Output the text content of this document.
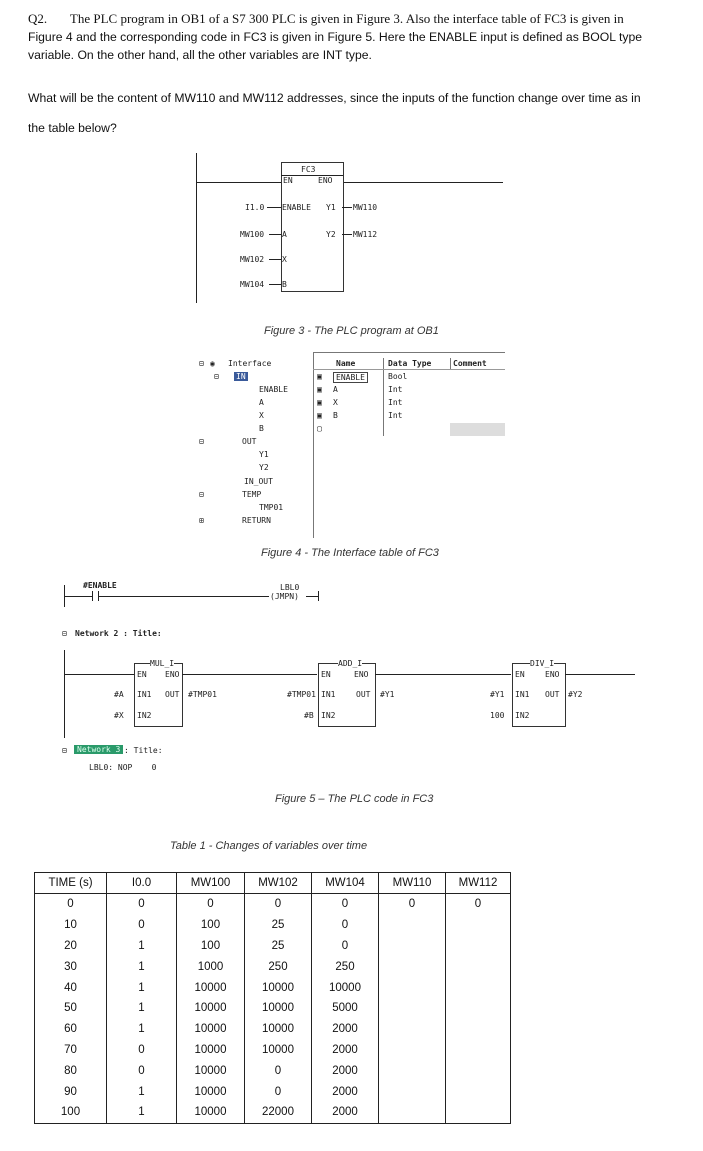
Q2. The PLC program in OB1 of a S7 300 PLC is given in Figure 3. Also the interface table of FC3 is given in

Figure 4 and the corresponding code in FC3 is given in Figure 5. Here the ENABLE input is defined as BOOL type

variable. On the other hand, all the other variables are INT type.

What will be the content of MW110 and MW112 addresses, since the inputs of the function change over time as in

the table below?

FC3
EN	ENO
I1.0 ENABLE
MW100 A
MW102 X
MW104 B
Y1 MW110
Y2 MW112
Figure 3 - The PLC program at OB1
Name	Data Type	Comment
▣	ENABLE	Bool
▣ A	Int
▣ X	Int
▣ B	Int
▢
⊟ ◉ Interface
⊟ IN
ENABLE
A
X
B
⊟	OUT
Y1
Y2
IN_OUT
⊟	TEMP
TMP01
⊞	RETURN
Figure 4 - The Interface table of FC3
#ENABLE	LBL0
(JMPN)
⊟ Network 2 : Title:
MUL_I
EN ENO
#A IN1
#X IN2
OUT #TMP01
ADD_I
EN	ENO
#TMP01 IN1
#B IN2
OUT #Y1
DIV_I
EN	ENO
#Y1 IN1
100 IN2
OUT #Y2
⊟	Network 3 : Title:
LBL0: NOP    0
Figure 5 – The PLC code in FC3
Table 1 - Changes of variables over time
TIME (s)	I0.0	MW100	MW102	MW104	MW110	MW112
0	0	0	0	0	0	0
10	0	100	25	0		
20	1	100	25	0		
30	1	1000	250	250		
40	1	10000	10000	10000		
50	1	10000	10000	5000		
60	1	10000	10000	2000		
70	0	10000	10000	2000		
80	0	10000	0	2000		
90	1	10000	0	2000		
100	1	10000	22000	2000		
